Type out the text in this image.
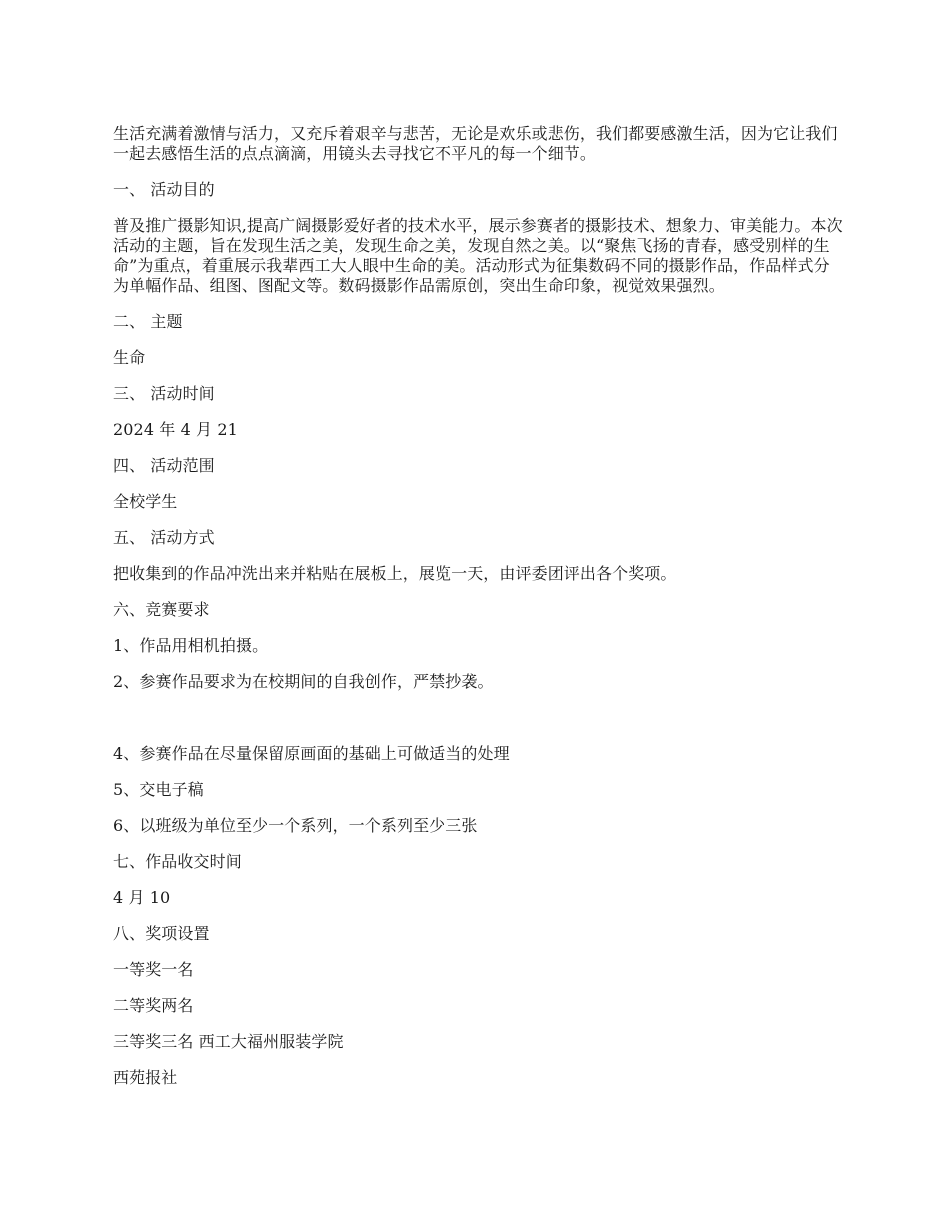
生活充满着激情与活力，又充斥着艰辛与悲苦，无论是欢乐或悲伤，我们都要感激生活，因为它让我们一起去感悟生活的点点滴滴，用镜头去寻找它不平凡的每一个细节。

一、 活动目的

普及推广摄影知识,提高广阔摄影爱好者的技术水平，展示参赛者的摄影技术、想象力、审美能力。本次活动的主题，旨在发现生活之美，发现生命之美，发现自然之美。以“聚焦飞扬的青春，感受别样的生命”为重点，着重展示我辈西工大人眼中生命的美。活动形式为征集数码不同的摄影作品，作品样式分为单幅作品、组图、图配文等。数码摄影作品需原创，突出生命印象，视觉效果强烈。

二、 主题

生命

三、 活动时间

2024 年 4 月 21

四、 活动范围

全校学生

五、 活动方式

把收集到的作品冲洗出来并粘贴在展板上，展览一天，由评委团评出各个奖项。

六、竞赛要求

1、作品用相机拍摄。

2、参赛作品要求为在校期间的自我创作，严禁抄袭。

4、参赛作品在尽量保留原画面的基础上可做适当的处理

5、交电子稿

6、以班级为单位至少一个系列，一个系列至少三张

七、作品收交时间

4 月 10

八、奖项设置

一等奖一名

二等奖两名

三等奖三名 西工大福州服装学院

西苑报社
